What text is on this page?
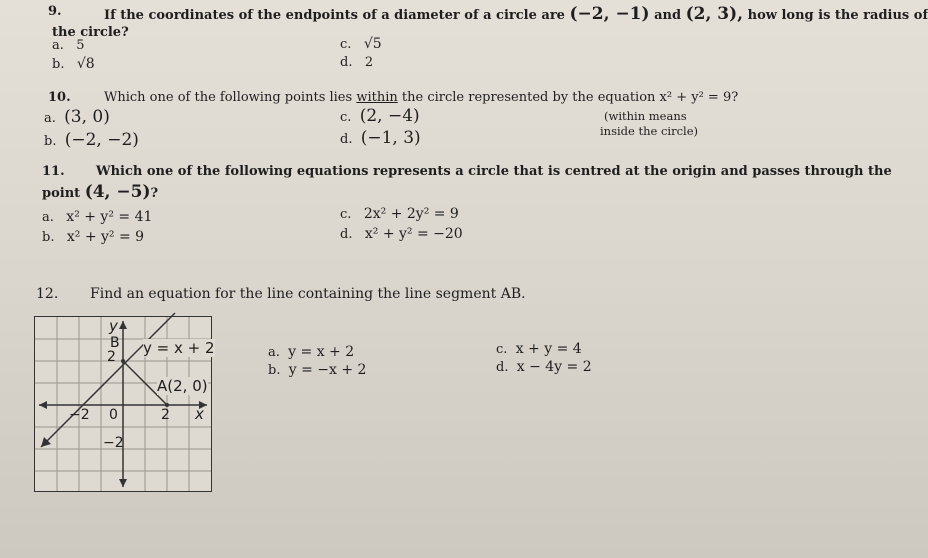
9.	If the coordinates of the endpoints of a diameter of a circle are (−2, −1) and (2, 3), how long is the radius of
the circle?
a. 5
b. √8
c. √5
d. 2
10.	Which one of the following points lies within the circle represented by the equation x² + y² = 9?
a. (3, 0)
b. (−2, −2)
c. (2, −4)
d. (−1, 3)
(within means
inside the circle)
11. Which one of the following equations represents a circle that is centred at the origin and passes through the
point (4, −5)?
a. x² + y² = 41
b. x² + y² = 9
c. 2x² + 2y² = 9
d. x² + y² = −20
12. Find an equation for the line containing the line segment AB.
y
B
2 y = x + 2
A(2, 0)
−2 0	2 x
−2
a. y = x + 2
b. y = −x + 2
c. x + y = 4
d. x − 4y = 2
